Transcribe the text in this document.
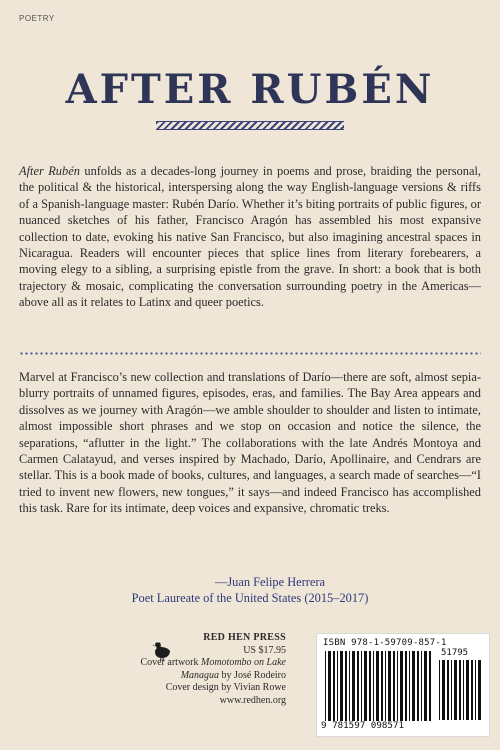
POETRY
AFTER RUBÉN

After Rubén unfolds as a decades-long journey in poems and prose, braiding the personal, the political & the historical, interspersing along the way English-language versions & riffs of a Spanish-language master: Rubén Darío. Whether it’s biting portraits of public figures, or nuanced sketches of his father, Francisco Aragón has assembled his most expansive collection to date, evoking his native San Francisco, but also imagining ancestral spaces in Nicaragua. Readers will encounter pieces that splice lines from literary forebearers, a moving elegy to a sibling, a surprising epistle from the grave. In short: a book that is both trajectory & mosaic, complicating the conversation surrounding poetry in the Americas—above all as it relates to Latinx and queer poetics.

Marvel at Francisco’s new collection and translations of Darío—there are soft, almost sepia-blurry portraits of unnamed figures, episodes, eras, and families. The Bay Area appears and dissolves as we journey with Aragón—we amble shoulder to shoulder and listen to intimate, almost impossible short phrases and we stop on occasion and notice the silence, the separations, “aflutter in the light.” The collaborations with the late Andrés Montoya and Carmen Calatayud, and verses inspired by Machado, Darío, Apollinaire, and Cendrars are stellar. This is a book made of books, cultures, and languages, a search made of searches—“I tried to invent new flowers, new tongues,” it says—and indeed Francisco has accomplished this task. Rare for its intimate, deep voices and expansive, chromatic treks.

—Juan Felipe Herrera
Poet Laureate of the United States (2015–2017)
RED HEN PRESS
US $17.95
Cover artwork Momotombo on Lake
Managua by José Rodeiro
Cover design by Vivian Rowe
www.redhen.org
ISBN 978-1-59709-857-1
51795
9 781597 098571
